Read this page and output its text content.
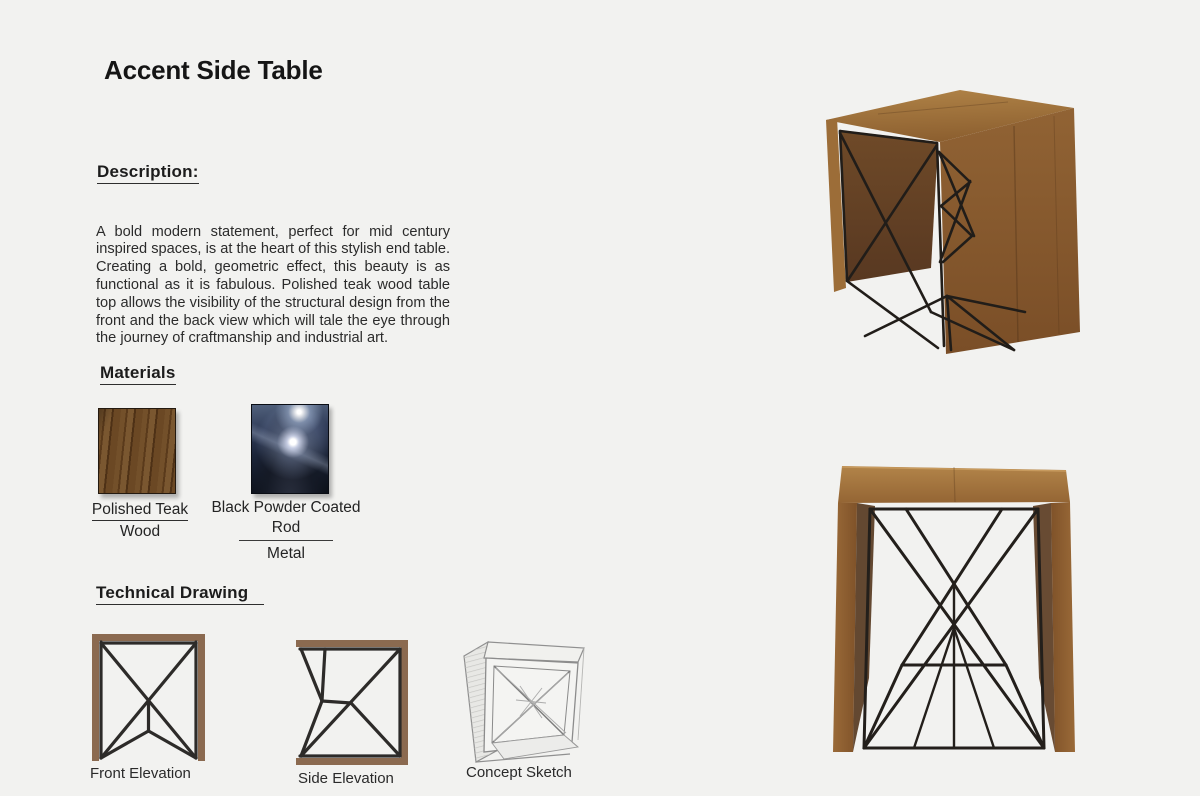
Accent Side Table
Description:

A bold modern statement, perfect for mid century inspired spaces, is at the heart of this stylish end table. Creating a bold, geometric effect, this beauty is as functional as it is fabulous. Polished teak wood table top allows the visibility of the structural design from the front and the back view which will tale the eye through the journey of craftmanship and industrial art.

Materials
Polished Teak
Wood
Black Powder Coated Rod
Metal
Technical Drawing
Front Elevation	Side Elevation	Concept Sketch
